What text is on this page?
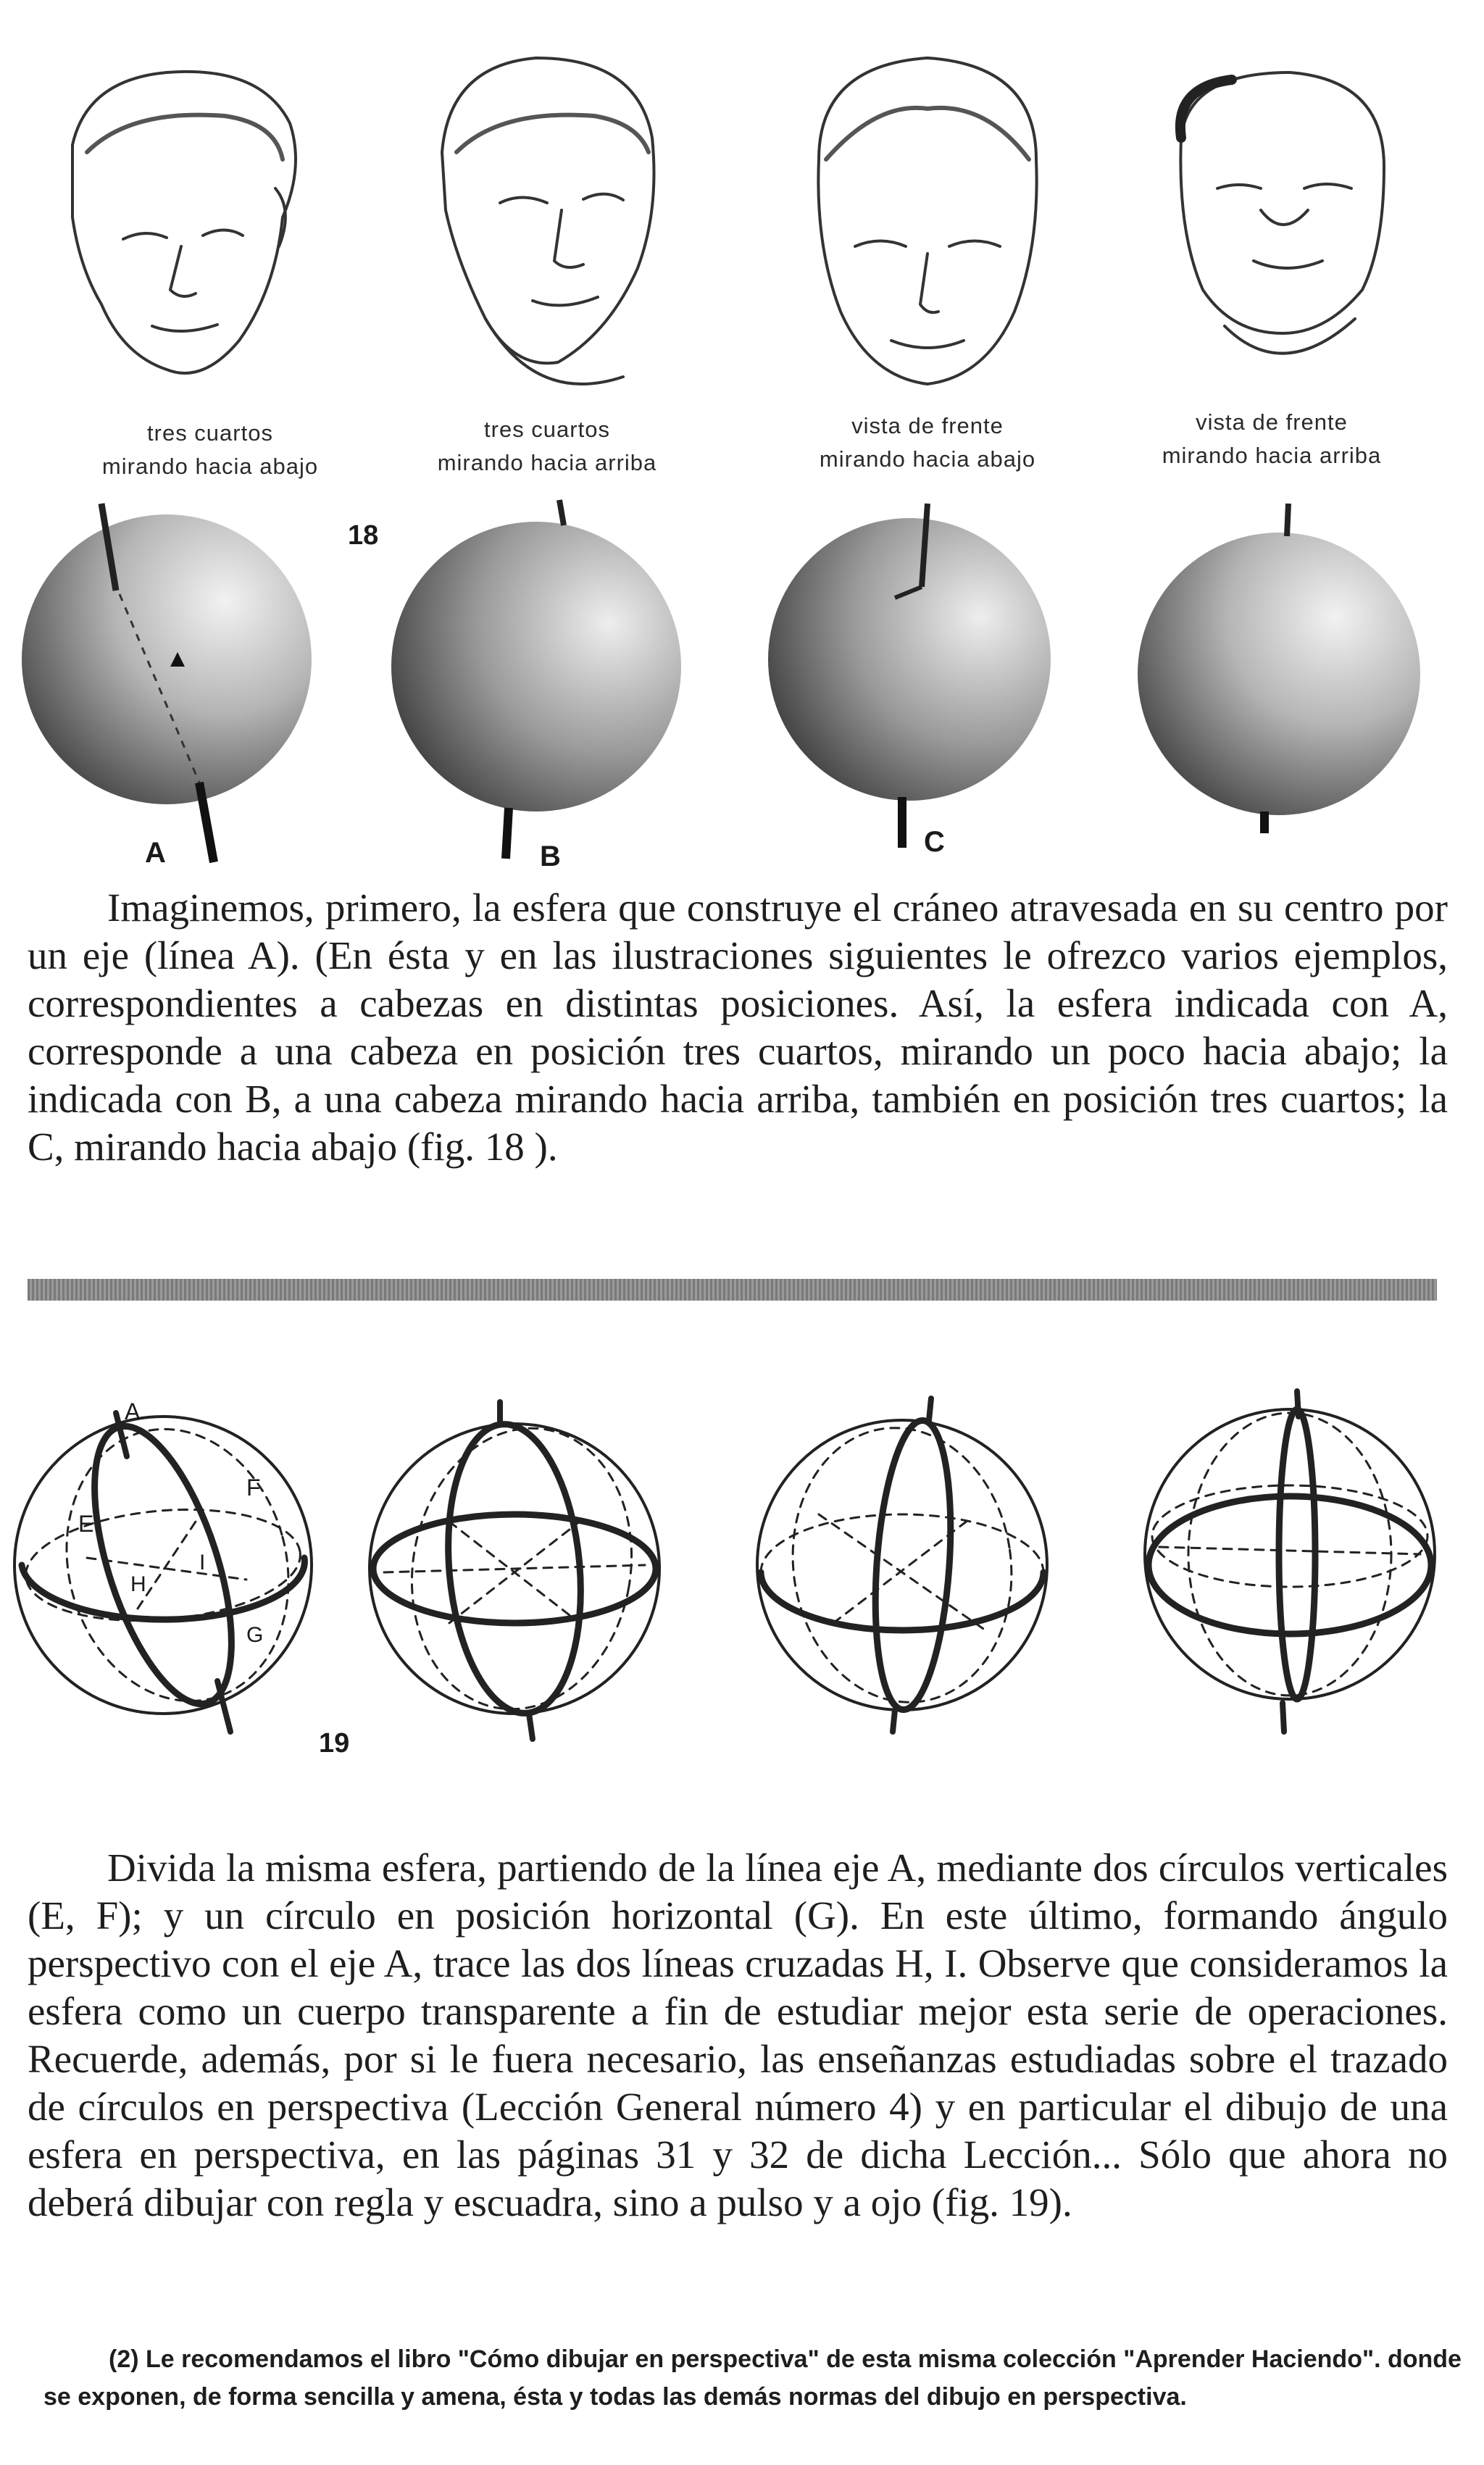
tres cuartos
mirando hacia abajo
tres cuartos
mirando hacia arriba
vista de frente
mirando hacia abajo
vista de frente
mirando hacia arriba
18
A	B	C

Imaginemos, primero, la esfera que construye el cráneo atravesada en su centro por un eje (línea A). (En ésta y en las ilustraciones siguientes le ofrezco varios ejemplos, correspondientes a cabezas en distintas posiciones. Así, la esfera indicada con A, corresponde a una cabeza en posición tres cuartos, mirando un poco hacia abajo; la indicada con B, a una cabeza mirando hacia arriba, también en posición tres cuartos; la C, mirando hacia abajo (fig. 18 ).

A
E
F
H
I
G
19

Divida la misma esfera, partiendo de la línea eje A, mediante dos círculos verticales (E, F); y un círculo en posición horizontal (G). En este último, formando ángulo perspectivo con el eje A, trace las dos líneas cruzadas H, I. Observe que consideramos la esfera como un cuerpo transparente a fin de estudiar mejor esta serie de operaciones. Recuerde, además, por si le fuera necesario, las enseñanzas estudiadas sobre el trazado de círculos en perspectiva (Lección General número 4) y en particular el dibujo de una esfera en perspectiva, en las páginas 31 y 32 de dicha Lección... Sólo que ahora no deberá dibujar con regla y escuadra, sino a pulso y a ojo (fig. 19).

(2) Le recomendamos el libro "Cómo dibujar en perspectiva" de esta misma colección "Aprender Haciendo". donde se exponen, de forma sencilla y amena, ésta y todas las demás normas del dibujo en perspectiva.
